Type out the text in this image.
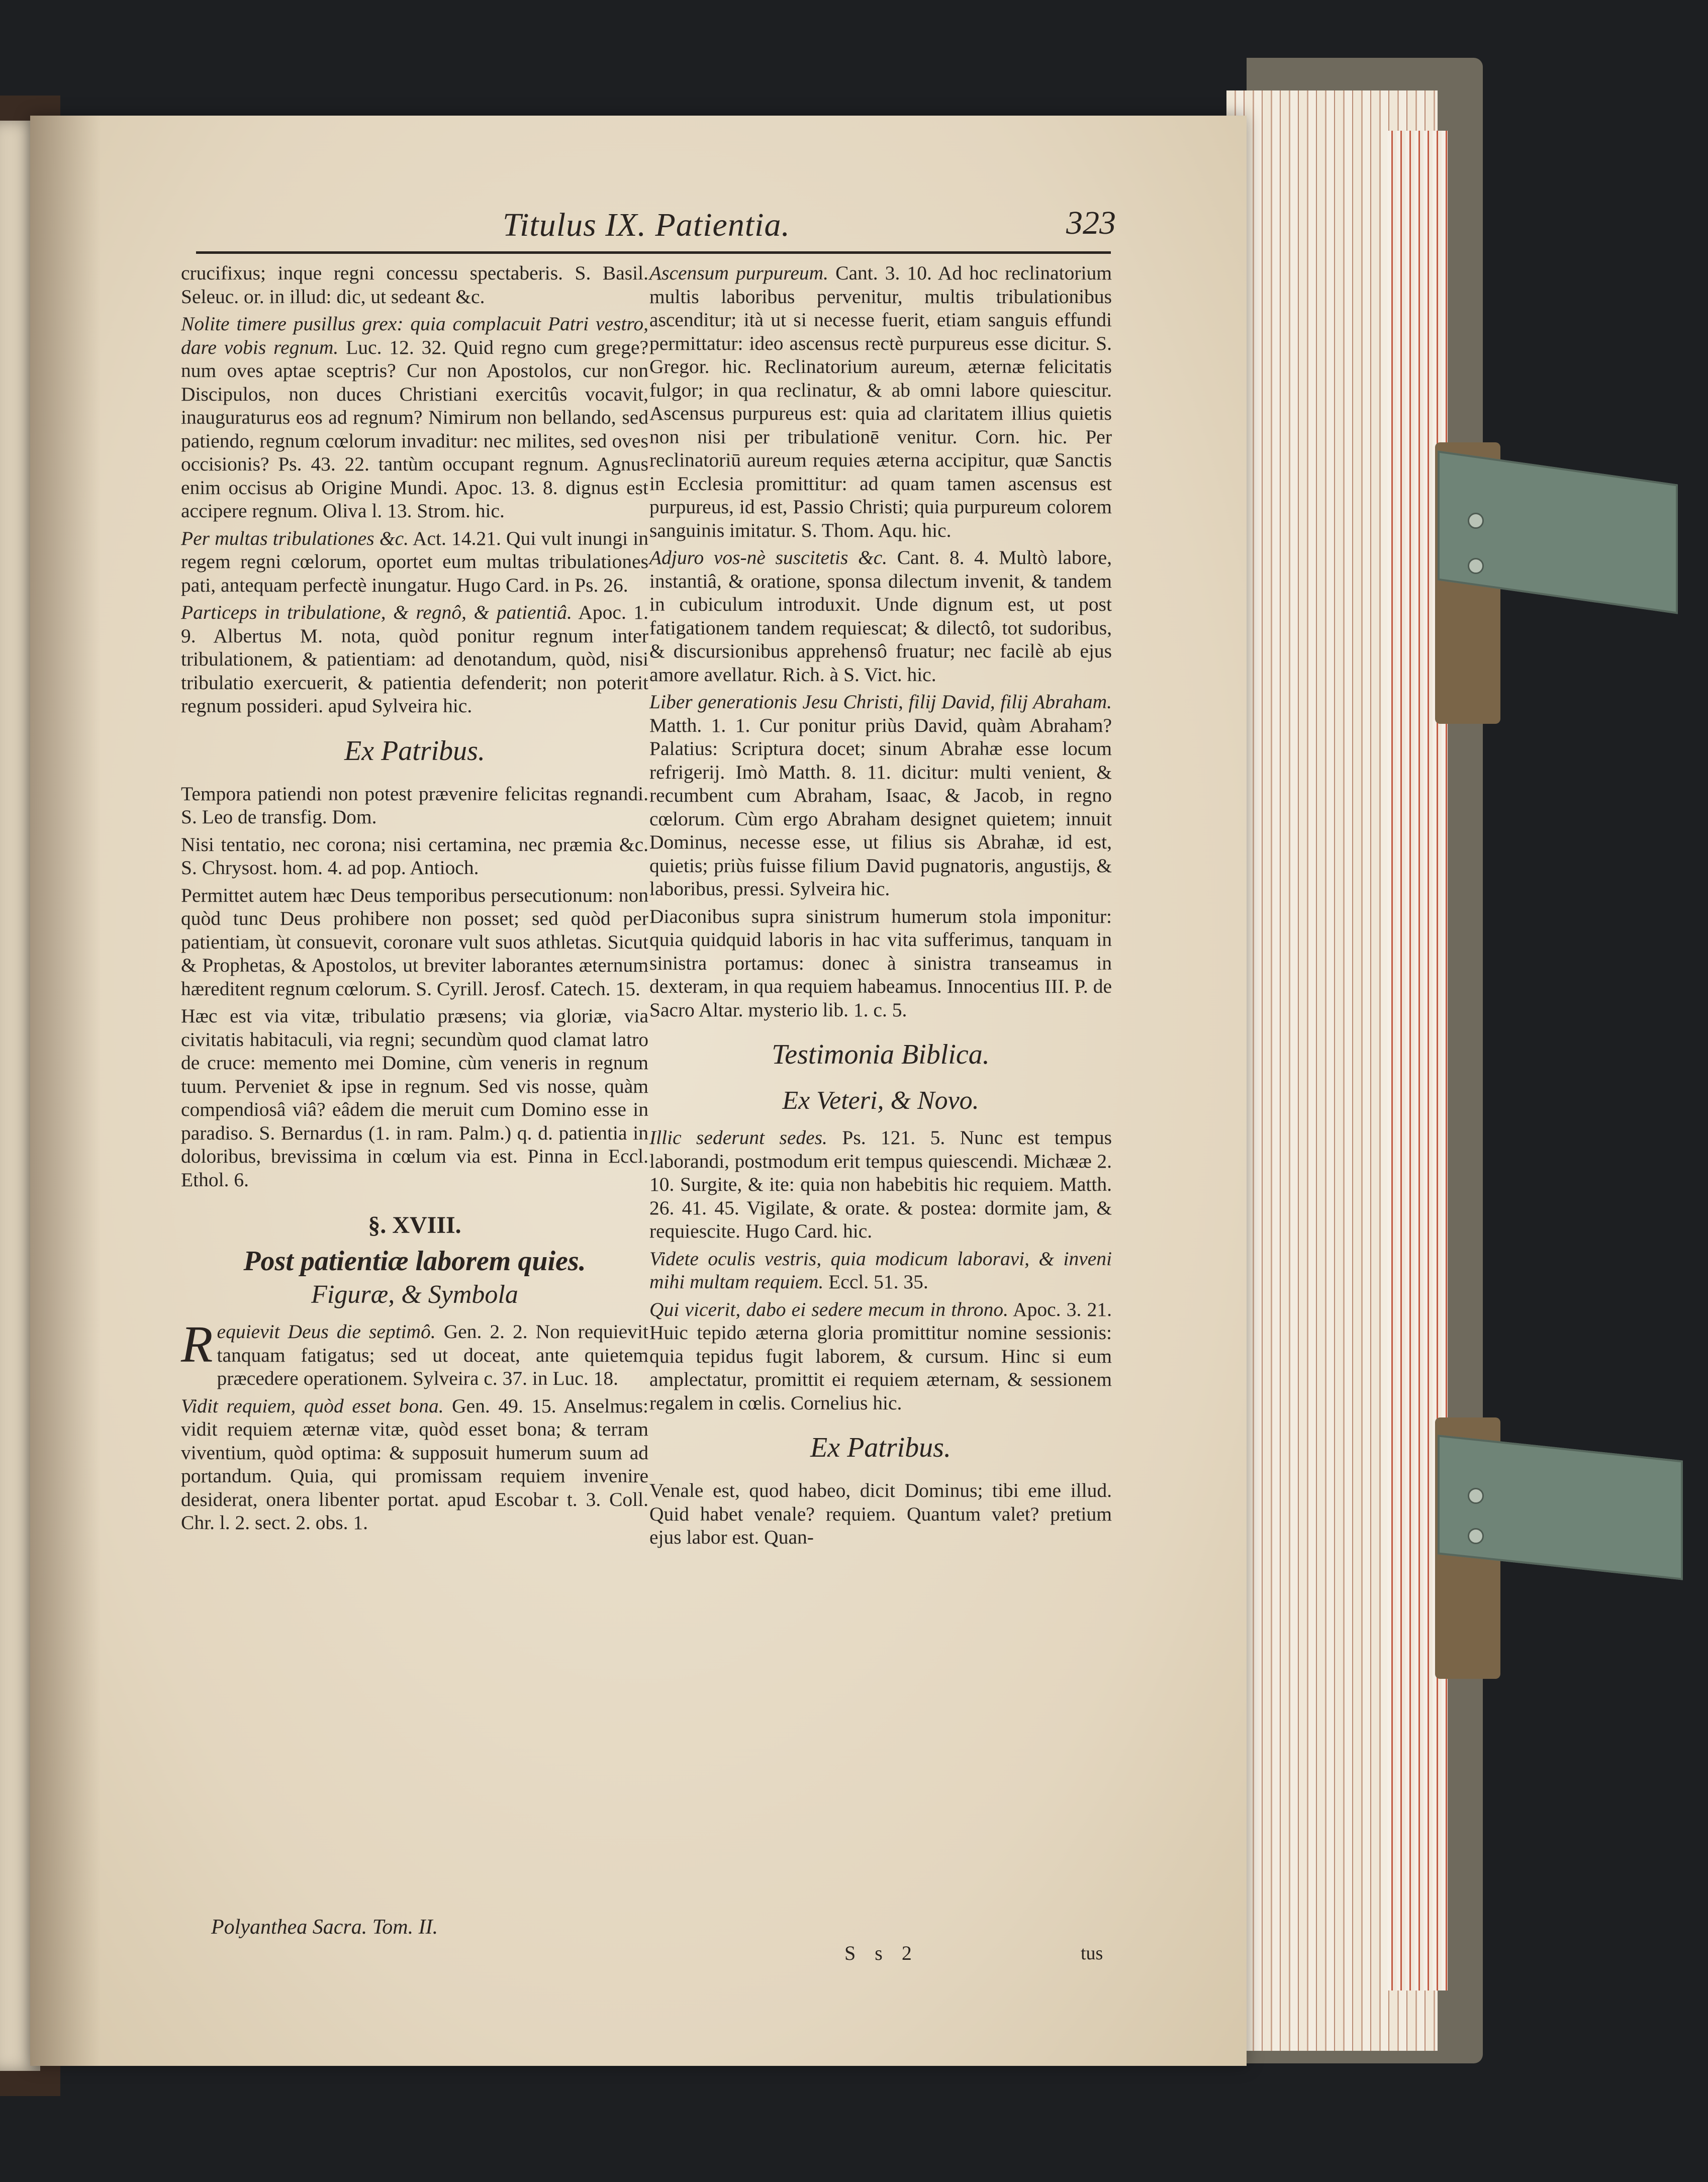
Titulus IX. Patientia.	323

crucifixus; inque regni concessu spectaberis. S. Basil. Seleuc. or. in illud: dic, ut sedeant &c.

Nolite timere pusillus grex: quia complacuit Patri vestro, dare vobis regnum. Luc. 12. 32. Quid regno cum grege? num oves aptae sceptris? Cur non Apostolos, cur non Discipulos, non duces Christiani exercitûs vocavit, inauguraturus eos ad regnum? Nimirum non bellando, sed patiendo, regnum cœlorum invaditur: nec milites, sed oves occisionis? Ps. 43. 22. tantùm occupant regnum. Agnus enim occisus ab Origine Mundi. Apoc. 13. 8. dignus est accipere regnum. Oliva l. 13. Strom. hic.

Per multas tribulationes &c. Act. 14.21. Qui vult inungi in regem regni cœlorum, oportet eum multas tribulationes pati, antequam perfectè inungatur. Hugo Card. in Ps. 26.

Particeps in tribulatione, & regnô, & patientiâ. Apoc. 1. 9. Albertus M. nota, quòd ponitur regnum inter tribulationem, & patientiam: ad denotandum, quòd, nisi tribulatio exercuerit, & patientia defenderit; non poterit regnum possideri. apud Sylveira hic.

Ex Patribus.

Tempora patiendi non potest prævenire felicitas regnandi. S. Leo de transfig. Dom.

Nisi tentatio, nec corona; nisi certamina, nec præmia &c. S. Chrysost. hom. 4. ad pop. Antioch.

Permittet autem hæc Deus temporibus persecutionum: non quòd tunc Deus prohibere non posset; sed quòd per patientiam, ùt consuevit, coronare vult suos athletas. Sicut & Prophetas, & Apostolos, ut breviter laborantes æternum hæreditent regnum cœlorum. S. Cyrill. Jerosf. Catech. 15.

Hæc est via vitæ, tribulatio præsens; via gloriæ, via civitatis habitaculi, via regni; secundùm quod clamat latro de cruce: memento mei Domine, cùm veneris in regnum tuum. Perveniet & ipse in regnum. Sed vis nosse, quàm compendiosâ viâ? eâdem die meruit cum Domino esse in paradiso. S. Bernardus (1. in ram. Palm.) q. d. patientia in doloribus, brevissima in cœlum via est. Pinna in Eccl. Ethol. 6.

§. XVIII.
Post patientiæ laborem quies.
Figuræ, & Symbola

Requievit Deus die septimô. Gen. 2. 2. Non requievit tanquam fatigatus; sed ut doceat, ante quietem præcedere operationem. Sylveira c. 37. in Luc. 18.

Vidit requiem, quòd esset bona. Gen. 49. 15. Anselmus: vidit requiem æternæ vitæ, quòd esset bona; & terram viventium, quòd optima: & supposuit humerum suum ad portandum. Quia, qui promissam requiem invenire desiderat, onera libenter portat. apud Escobar t. 3. Coll. Chr. l. 2. sect. 2. obs. 1.

Ascensum purpureum. Cant. 3. 10. Ad hoc reclinatorium multis laboribus pervenitur, multis tribulationibus ascenditur; ità ut si necesse fuerit, etiam sanguis effundi permittatur: ideo ascensus rectè purpureus esse dicitur. S. Gregor. hic. Reclinatorium aureum, æternæ felicitatis fulgor; in qua reclinatur, & ab omni labore quiescitur. Ascensus purpureus est: quia ad claritatem illius quietis non nisi per tribulationē venitur. Corn. hic. Per reclinatoriū aureum requies æterna accipitur, quæ Sanctis in Ecclesia promittitur: ad quam tamen ascensus est purpureus, id est, Passio Christi; quia purpureum colorem sanguinis imitatur. S. Thom. Aqu. hic.

Adjuro vos-nè suscitetis &c. Cant. 8. 4. Multò labore, instantiâ, & oratione, sponsa dilectum invenit, & tandem in cubiculum introduxit. Unde dignum est, ut post fatigationem tandem requiescat; & dilectô, tot sudoribus, & discursionibus apprehensô fruatur; nec facilè ab ejus amore avellatur. Rich. à S. Vict. hic.

Liber generationis Jesu Christi, filij David, filij Abraham. Matth. 1. 1. Cur ponitur priùs David, quàm Abraham? Palatius: Scriptura docet; sinum Abrahæ esse locum refrigerij. Imò Matth. 8. 11. dicitur: multi venient, & recumbent cum Abraham, Isaac, & Jacob, in regno cœlorum. Cùm ergo Abraham designet quietem; innuit Dominus, necesse esse, ut filius sis Abrahæ, id est, quietis; priùs fuisse filium David pugnatoris, angustijs, & laboribus, pressi. Sylveira hic.

Diaconibus supra sinistrum humerum stola imponitur: quia quidquid laboris in hac vita sufferimus, tanquam in sinistra portamus: donec à sinistra transeamus in dexteram, in qua requiem habeamus. Innocentius III. P. de Sacro Altar. mysterio lib. 1. c. 5.

Testimonia Biblica.
Ex Veteri, & Novo.

Illic sederunt sedes. Ps. 121. 5. Nunc est tempus laborandi, postmodum erit tempus quiescendi. Michææ 2. 10. Surgite, & ite: quia non habebitis hic requiem. Matth. 26. 41. 45. Vigilate, & orate. & postea: dormite jam, & requiescite. Hugo Card. hic.

Videte oculis vestris, quia modicum laboravi, & inveni mihi multam requiem. Eccl. 51. 35.

Qui vicerit, dabo ei sedere mecum in throno. Apoc. 3. 21. Huic tepido æterna gloria promittitur nomine sessionis: quia tepidus fugit laborem, & cursum. Hinc si eum amplectatur, promittit ei requiem æternam, & sessionem regalem in cœlis. Cornelius hic.

Ex Patribus.

Venale est, quod habeo, dicit Dominus; tibi eme illud. Quid habet venale? requiem. Quantum valet? pretium ejus labor est. Quan-

Polyanthea Sacra. Tom. II.
S s 2	tus
